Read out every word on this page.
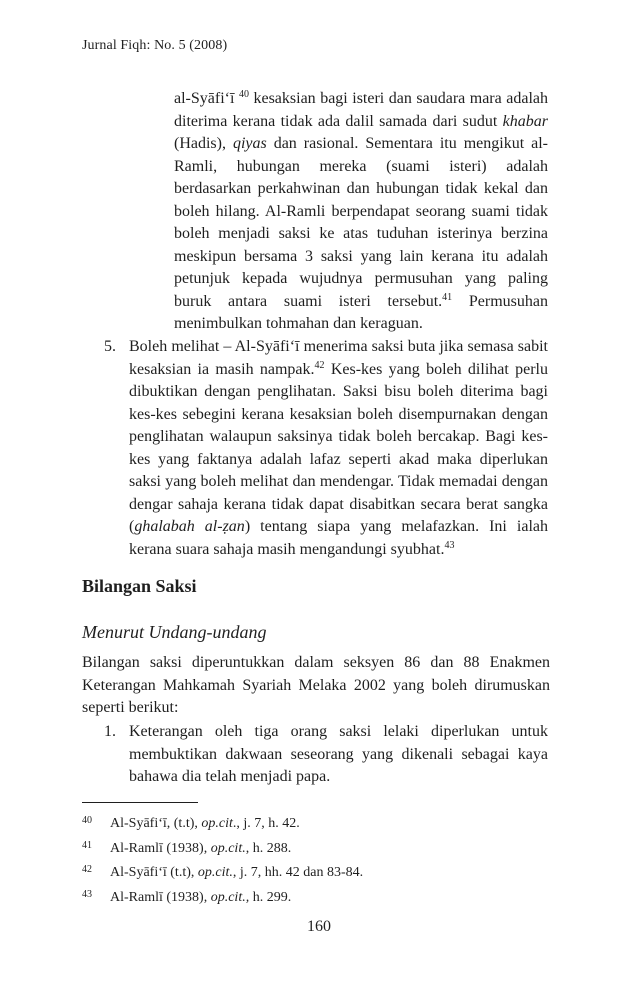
Jurnal Fiqh: No. 5 (2008)
al-Syāfi‘ī $^{40}$ kesaksian bagi isteri dan saudara mara adalah diterima kerana tidak ada dalil samada dari sudut khabar (Hadis), qiyas dan rasional. Sementara itu mengikut al-Ramli, hubungan mereka (suami isteri) adalah berdasarkan perkahwinan dan hubungan tidak kekal dan boleh hilang. Al-Ramli berpendapat seorang suami tidak boleh menjadi saksi ke atas tuduhan isterinya berzina meskipun bersama 3 saksi yang lain kerana itu adalah petunjuk kepada wujudnya permusuhan yang paling buruk antara suami isteri tersebut.$^{41}$ Permusuhan menimbulkan tohmahan dan keraguan.
5. Boleh melihat – Al-Syāfi‘ī menerima saksi buta jika semasa sabit kesaksian ia masih nampak.$^{42}$ Kes-kes yang boleh dilihat perlu dibuktikan dengan penglihatan. Saksi bisu boleh diterima bagi kes-kes sebegini kerana kesaksian boleh disempurnakan dengan penglihatan walaupun saksinya tidak boleh bercakap. Bagi kes-kes yang faktanya adalah lafaz seperti akad maka diperlukan saksi yang boleh melihat dan mendengar. Tidak memadai dengan dengar sahaja kerana tidak dapat disabitkan secara berat sangka (ghalabah al-ẓan) tentang siapa yang melafazkan. Ini ialah kerana suara sahaja masih mengandungi syubhat.$^{43}$
Bilangan Saksi
Menurut Undang-undang
Bilangan saksi diperuntukkan dalam seksyen 86 dan 88 Enakmen Keterangan Mahkamah Syariah Melaka 2002 yang boleh dirumuskan seperti berikut:
1. Keterangan oleh tiga orang saksi lelaki diperlukan untuk membuktikan dakwaan seseorang yang dikenali sebagai kaya bahawa dia telah menjadi papa.
40 Al-Syāfi‘ī, (t.t), op.cit., j. 7, h. 42.
41 Al-Ramlī (1938), op.cit., h. 288.
42 Al-Syāfi‘ī (t.t), op.cit., j. 7, hh. 42 dan 83-84.
43 Al-Ramlī (1938), op.cit., h. 299.
160
